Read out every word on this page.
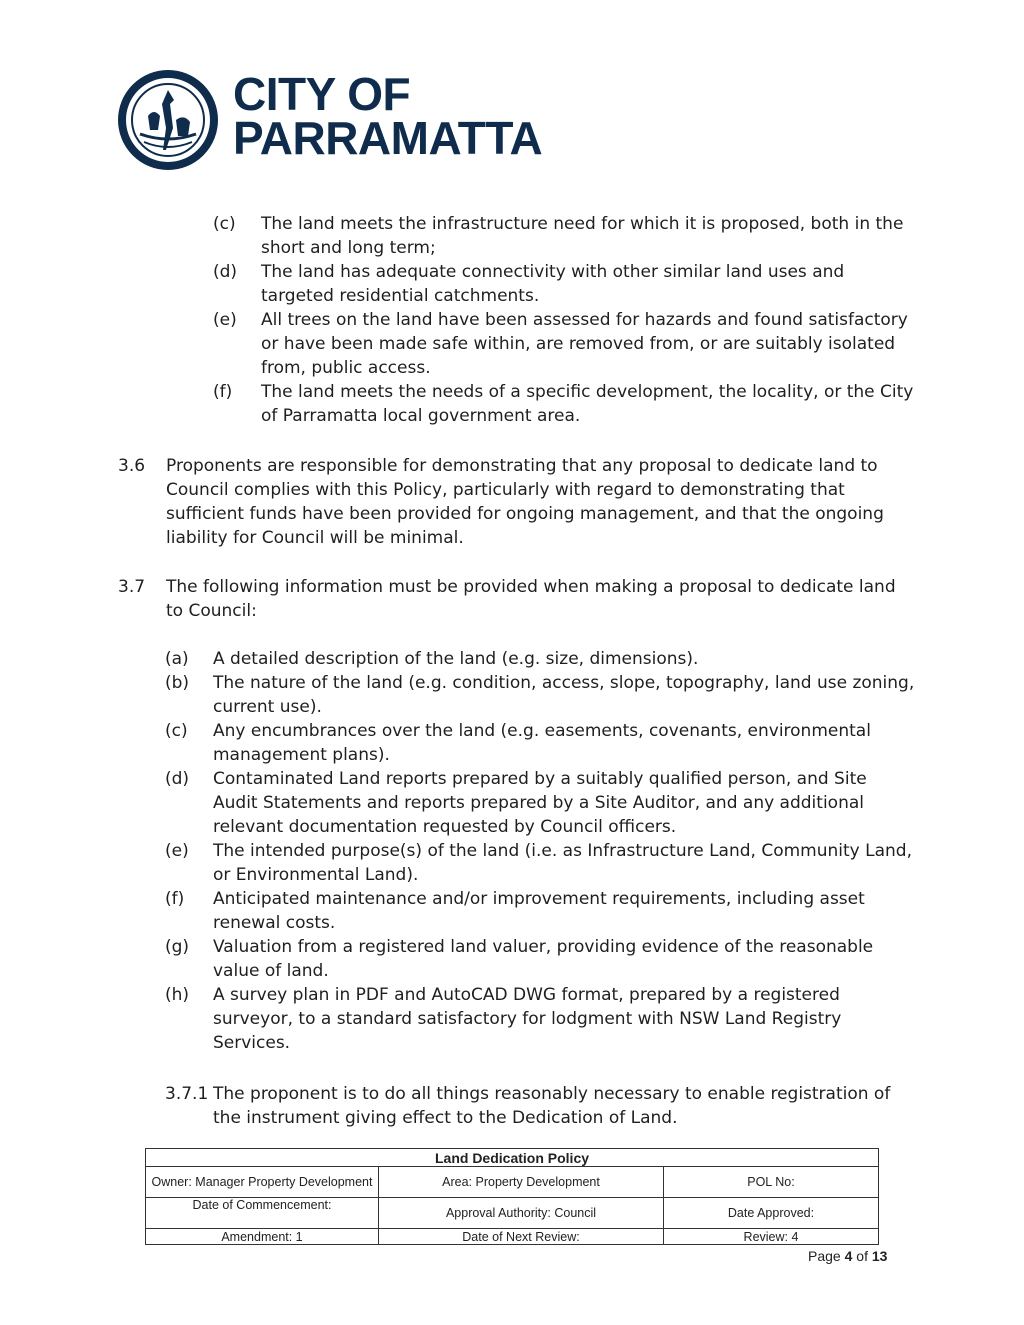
CITY OF
PARRAMATTA
(c) The land meets the infrastructure need for which it is proposed, both in the
short and long term;
(d) The land has adequate connectivity with other similar land uses and
targeted residential catchments.
(e) All trees on the land have been assessed for hazards and found satisfactory
or have been made safe within, are removed from, or are suitably isolated
from, public access.
(f) The land meets the needs of a specific development, the locality, or the City
of Parramatta local government area.
3.6 Proponents are responsible for demonstrating that any proposal to dedicate land to
Council complies with this Policy, particularly with regard to demonstrating that
sufficient funds have been provided for ongoing management, and that the ongoing
liability for Council will be minimal.
3.7 The following information must be provided when making a proposal to dedicate land
to Council:
(a) A detailed description of the land (e.g. size, dimensions).
(b) The nature of the land (e.g. condition, access, slope, topography, land use zoning,
current use).
(c) Any encumbrances over the land (e.g. easements, covenants, environmental
management plans).
(d) Contaminated Land reports prepared by a suitably qualified person, and Site
Audit Statements and reports prepared by a Site Auditor, and any additional
relevant documentation requested by Council officers.
(e) The intended purpose(s) of the land (i.e. as Infrastructure Land, Community Land,
or Environmental Land).
(f) Anticipated maintenance and/or improvement requirements, including asset
renewal costs.
(g) Valuation from a registered land valuer, providing evidence of the reasonable
value of land.
(h) A survey plan in PDF and AutoCAD DWG format, prepared by a registered
surveyor, to a standard satisfactory for lodgment with NSW Land Registry
Services.
3.7.1 The proponent is to do all things reasonably necessary to enable registration of
the instrument giving effect to the Dedication of Land.
Land Dedication Policy		
Owner: Manager Property Development	Area: Property Development	POL No:
Date of Commencement:	Approval Authority: Council	Date Approved:
Amendment: 1	Date of Next Review:	Review: 4
Page 4 of 13
